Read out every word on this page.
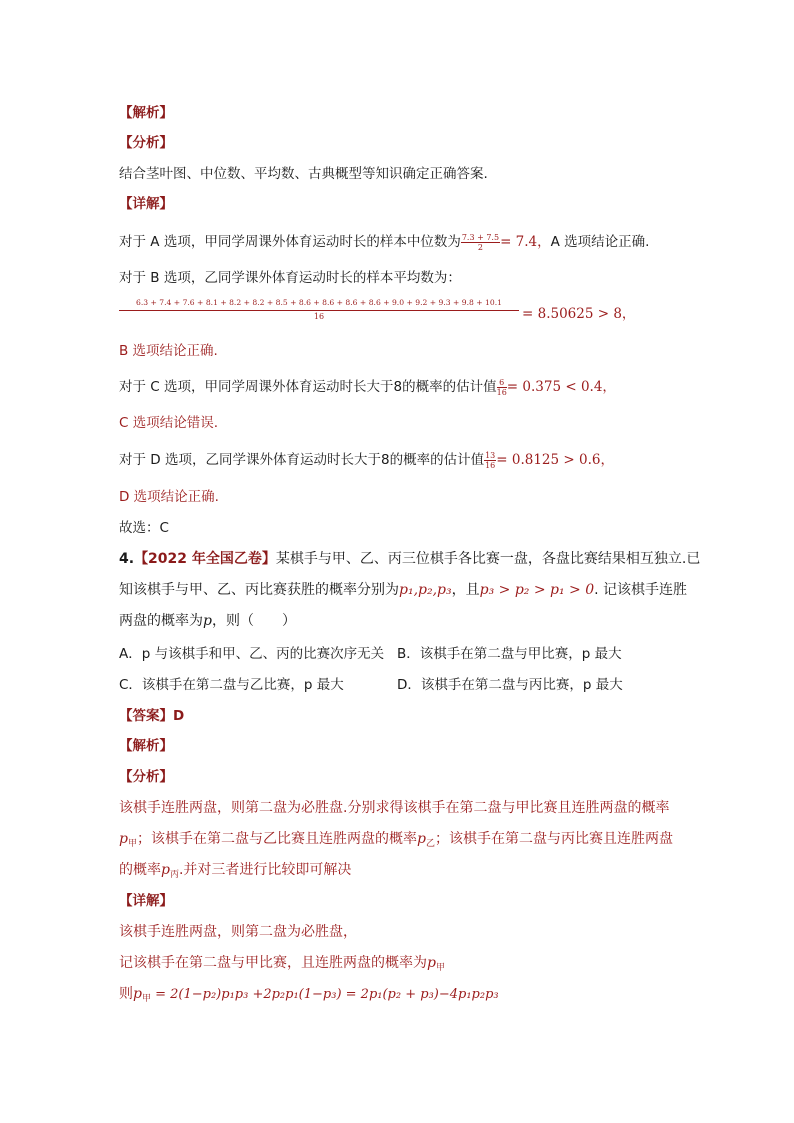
【解析】
【分析】
结合茎叶图、中位数、平均数、古典概型等知识确定正确答案.
【详解】
对于 A 选项，甲同学周课外体育运动时长的样本中位数为 $\frac{7.3 + 7.5}{2} = 7.4$，A 选项结论正确.
对于 B 选项，乙同学课外体育运动时长的样本平均数为：
6.3 + 7.4 + 7.6 + 8.1 + 8.2 + 8.2 + 8.5 + 8.6 + 8.6 + 8.6 + 8.6 + 9.0 + 9.2 + 9.3 + 9.8 + 10.1
16	= 8.50625 > 8，
B 选项结论正确.
对于 C 选项，甲同学周课外体育运动时长大于8的概率的估计值 $\frac{6}{16} = 0.375 < 0.4$，
C 选项结论错误.
对于 D 选项，乙同学课外体育运动时长大于8的概率的估计值 $\frac{13}{16} = 0.8125 > 0.6$，
D 选项结论正确.
故选：C
4.【2022 年全国乙卷】某棋手与甲、乙、丙三位棋手各比赛一盘，各盘比赛结果相互独立.已
知该棋手与甲、乙、丙比赛获胜的概率分别为p₁,p₂,p₃，且p₃ > p₂ > p₁ > 0. 记该棋手连胜
两盘的概率为p，则（　　）
A．p 与该棋手和甲、乙、丙的比赛次序无关 B．该棋手在第二盘与甲比赛，p 最大
C．该棋手在第二盘与乙比赛，p 最大	D．该棋手在第二盘与丙比赛，p 最大
【答案】D
【解析】
【分析】
该棋手连胜两盘，则第二盘为必胜盘.分别求得该棋手在第二盘与甲比赛且连胜两盘的概率
$p_甲$；该棋手在第二盘与乙比赛且连胜两盘的概率$p_乙$；该棋手在第二盘与丙比赛且连胜两盘
的概率$p_丙$.并对三者进行比较即可解决
【详解】
该棋手连胜两盘，则第二盘为必胜盘，
记该棋手在第二盘与甲比赛，且连胜两盘的概率为$p_甲$
则$p_甲 = 2(1-p_2)p_1p_3 +2p_2p_1(1-p_3) = 2p_1(p_2 + p_3)-4p_1p_2p_3$
